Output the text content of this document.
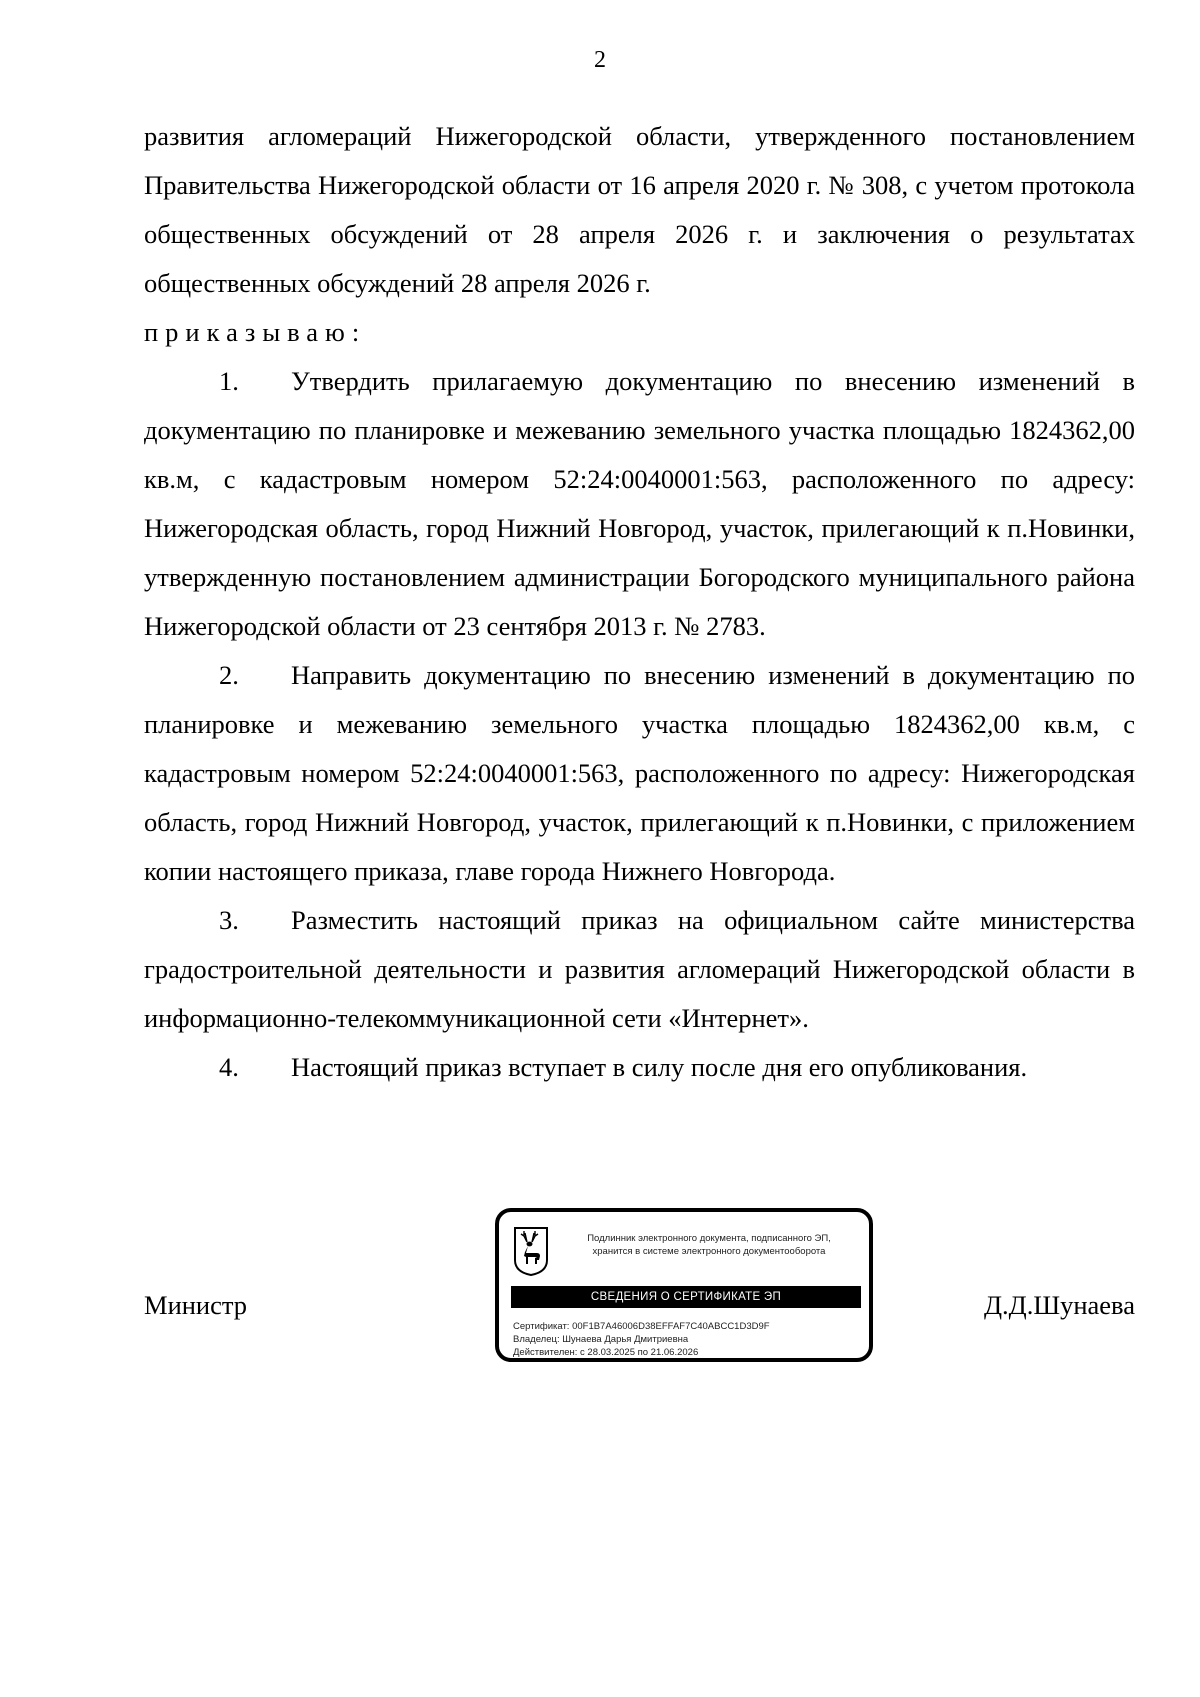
2

развития агломераций Нижегородской области, утвержденного постановлением Правительства Нижегородской области от 16 апреля 2020 г. № 308, с учетом протокола общественных обсуждений от 28 апреля 2026 г. и заключения о результатах общественных обсуждений 28 апреля 2026 г.

приказываю:

1. Утвердить прилагаемую документацию по внесению изменений в документацию по планировке и межеванию земельного участка площадью 1824362,00 кв.м, с кадастровым номером 52:24:0040001:563, расположенного по адресу: Нижегородская область, город Нижний Новгород, участок, прилегающий к п.Новинки, утвержденную постановлением администрации Богородского муниципального района Нижегородской области от 23 сентября 2013 г. № 2783.

2. Направить документацию по внесению изменений в документацию по планировке и межеванию земельного участка площадью 1824362,00 кв.м, с кадастровым номером 52:24:0040001:563, расположенного по адресу: Нижегородская область, город Нижний Новгород, участок, прилегающий к п.Новинки, с приложением копии настоящего приказа, главе города Нижнего Новгорода.

3. Разместить настоящий приказ на официальном сайте министерства градостроительной деятельности и развития агломераций Нижегородской области в информационно-телекоммуникационной сети «Интернет».

4. Настоящий приказ вступает в силу после дня его опубликования.

Министр
Подлинник электронного документа, подписанного ЭП,
хранится в системе электронного документооборота
СВЕДЕНИЯ О СЕРТИФИКАТЕ ЭП
Сертификат: 00F1B7A46006D38EFFAF7C40ABCC1D3D9F
Владелец: Шунаева Дарья Дмитриевна
Действителен: с 28.03.2025 по 21.06.2026
Д.Д.Шунаева
